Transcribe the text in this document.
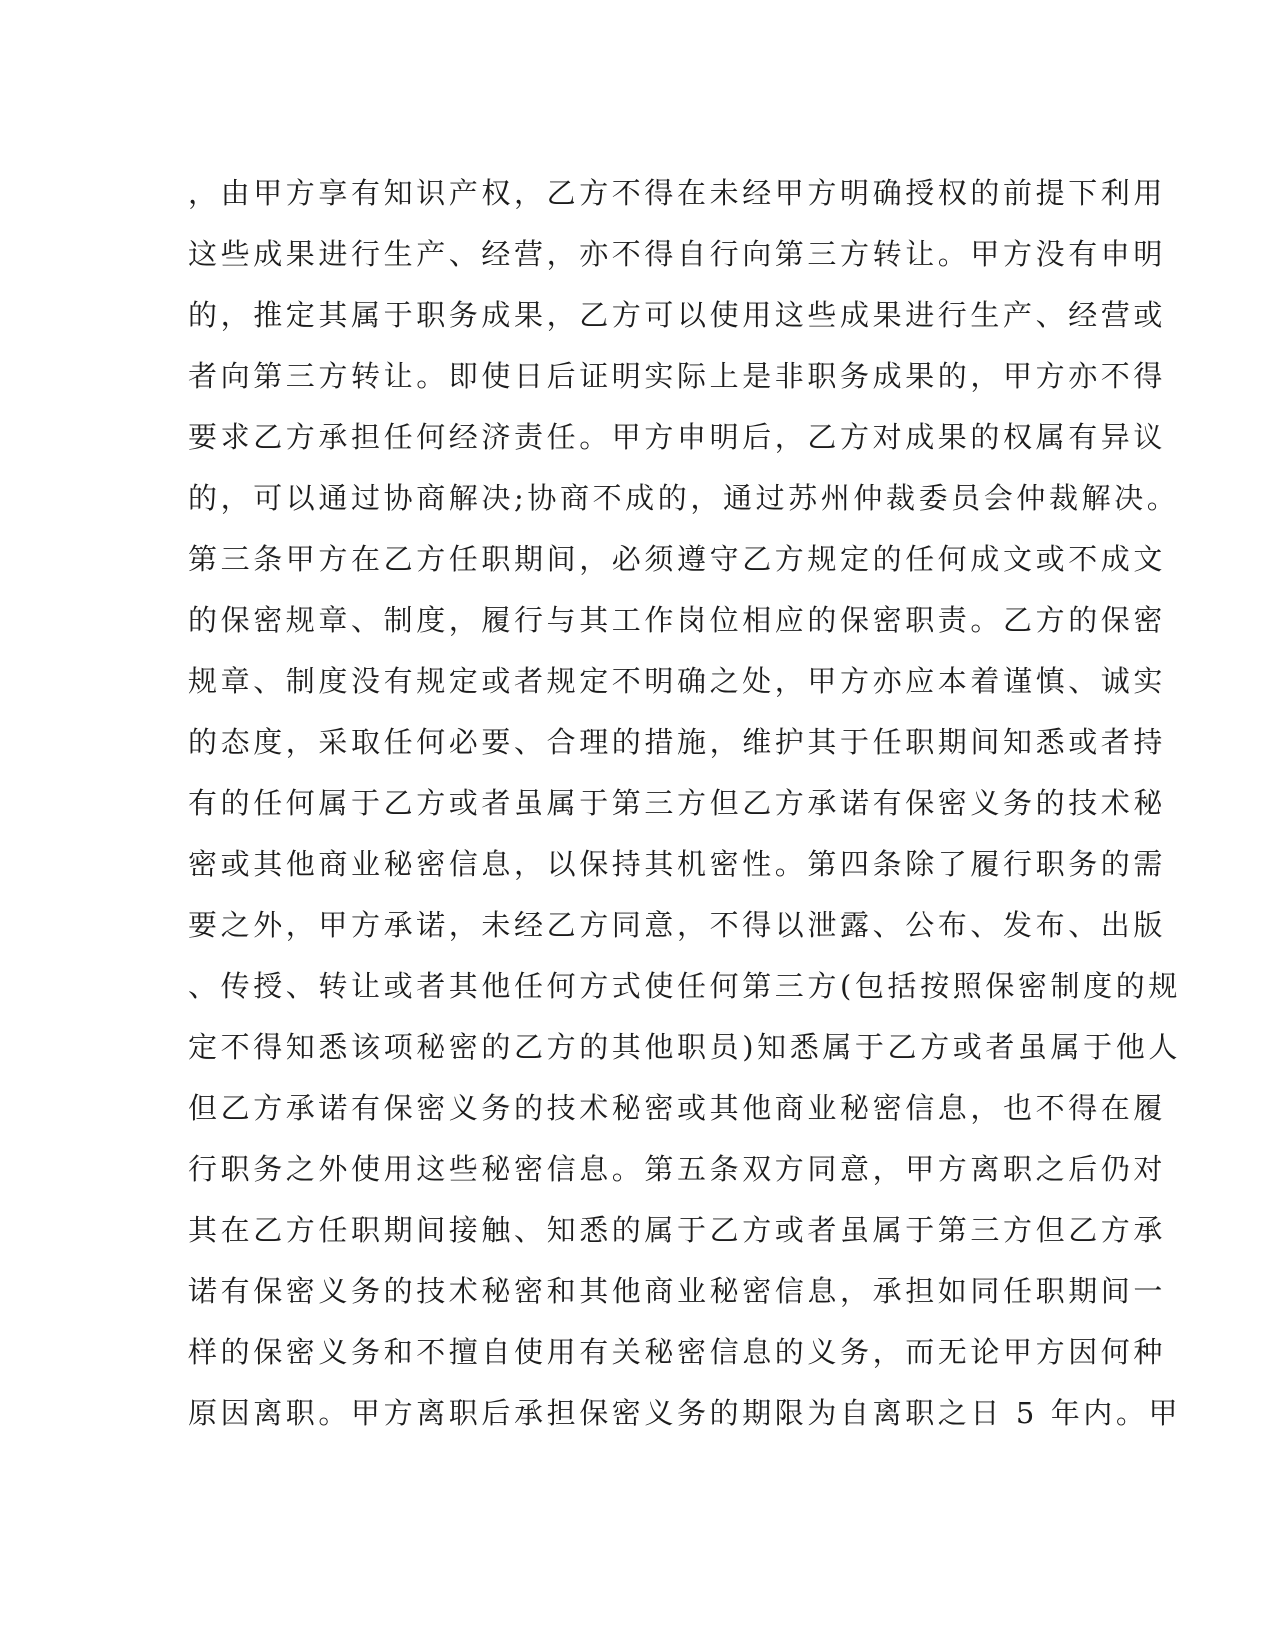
，由甲方享有知识产权，乙方不得在未经甲方明确授权的前提下利用
这些成果进行生产、经营，亦不得自行向第三方转让。甲方没有申明
的，推定其属于职务成果，乙方可以使用这些成果进行生产、经营或
者向第三方转让。即使日后证明实际上是非职务成果的，甲方亦不得
要求乙方承担任何经济责任。甲方申明后，乙方对成果的权属有异议
的，可以通过协商解决;协商不成的，通过苏州仲裁委员会仲裁解决。
第三条甲方在乙方任职期间，必须遵守乙方规定的任何成文或不成文
的保密规章、制度，履行与其工作岗位相应的保密职责。乙方的保密
规章、制度没有规定或者规定不明确之处，甲方亦应本着谨慎、诚实
的态度，采取任何必要、合理的措施，维护其于任职期间知悉或者持
有的任何属于乙方或者虽属于第三方但乙方承诺有保密义务的技术秘
密或其他商业秘密信息，以保持其机密性。第四条除了履行职务的需
要之外，甲方承诺，未经乙方同意，不得以泄露、公布、发布、出版
、传授、转让或者其他任何方式使任何第三方(包括按照保密制度的规
定不得知悉该项秘密的乙方的其他职员)知悉属于乙方或者虽属于他人
但乙方承诺有保密义务的技术秘密或其他商业秘密信息，也不得在履
行职务之外使用这些秘密信息。第五条双方同意，甲方离职之后仍对
其在乙方任职期间接触、知悉的属于乙方或者虽属于第三方但乙方承
诺有保密义务的技术秘密和其他商业秘密信息，承担如同任职期间一
样的保密义务和不擅自使用有关秘密信息的义务，而无论甲方因何种
原因离职。甲方离职后承担保密义务的期限为自离职之日 5 年内。甲
